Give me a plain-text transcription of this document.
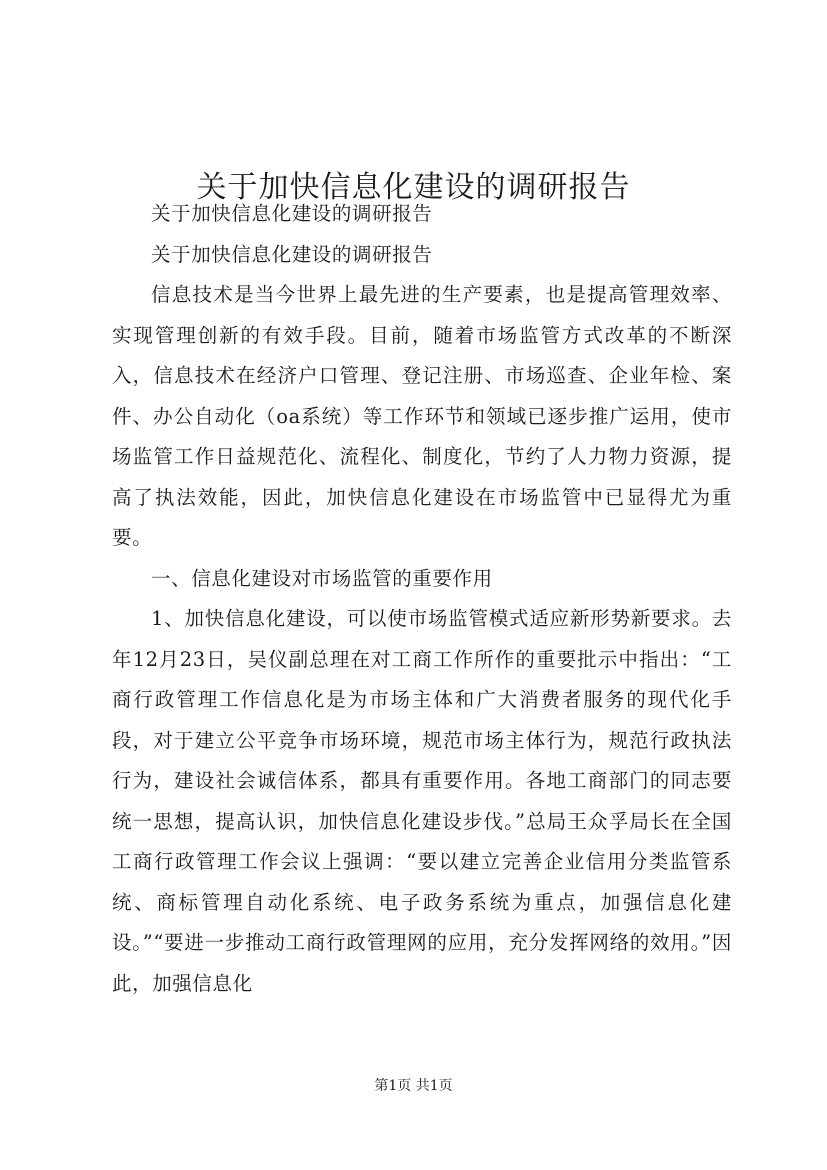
关于加快信息化建设的调研报告

关于加快信息化建设的调研报告

关于加快信息化建设的调研报告

信息技术是当今世界上最先进的生产要素，也是提高管理效率、实现管理创新的有效手段。目前，随着市场监管方式改革的不断深入，信息技术在经济户口管理、登记注册、市场巡查、企业年检、案件、办公自动化（oa系统）等工作环节和领域已逐步推广运用，使市场监管工作日益规范化、流程化、制度化，节约了人力物力资源，提高了执法效能，因此，加快信息化建设在市场监管中已显得尤为重要。

一、信息化建设对市场监管的重要作用

1、加快信息化建设，可以使市场监管模式适应新形势新要求。去年12月23日，吴仪副总理在对工商工作所作的重要批示中指出：“工商行政管理工作信息化是为市场主体和广大消费者服务的现代化手段，对于建立公平竞争市场环境，规范市场主体行为，规范行政执法行为，建设社会诚信体系，都具有重要作用。各地工商部门的同志要统一思想，提高认识，加快信息化建设步伐。”总局王众孚局长在全国工商行政管理工作会议上强调：“要以建立完善企业信用分类监管系统、商标管理自动化系统、电子政务系统为重点，加强信息化建设。”“要进一步推动工商行政管理网的应用，充分发挥网络的效用。”因此，加强信息化

第1页 共1页
